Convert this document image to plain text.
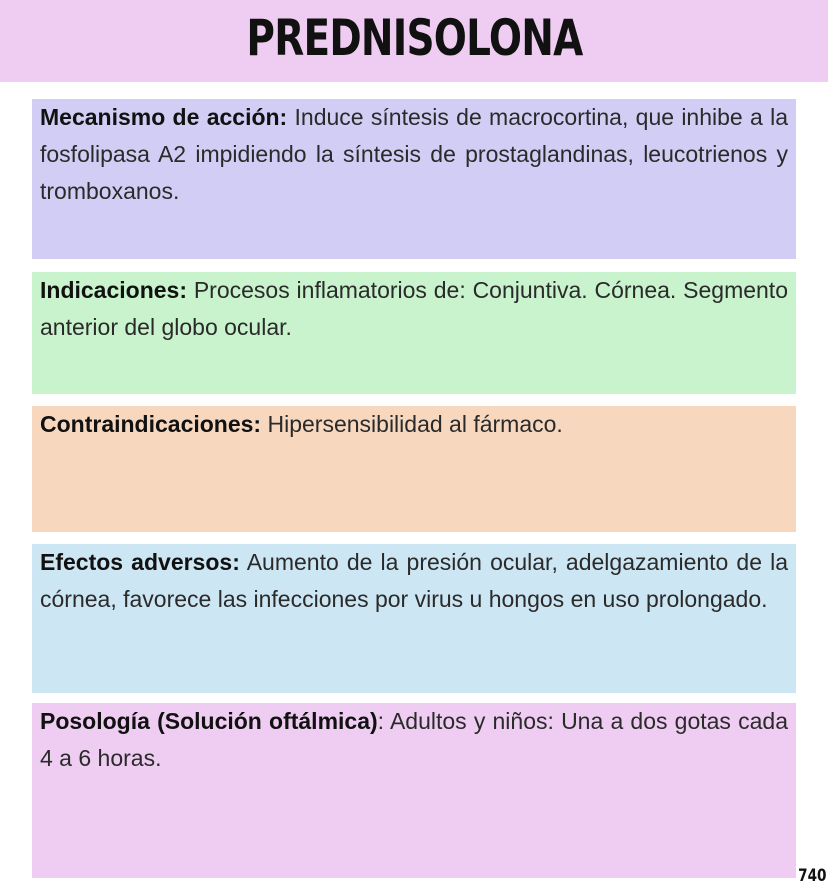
PREDNISOLONA
Mecanismo de acción: Induce síntesis de macrocortina, que inhibe a la fosfolipasa A2 impidiendo la síntesis de prostaglandinas, leucotrienos y tromboxanos.
Indicaciones: Procesos inflamatorios de: Conjuntiva. Córnea. Segmento anterior del globo ocular.
Contraindicaciones: Hipersensibilidad al fármaco.
Efectos adversos: Aumento de la presión ocular, adelgazamiento de la córnea, favorece las infecciones por virus u hongos en uso prolongado.
Posología (Solución oftálmica): Adultos y niños: Una a dos gotas cada 4 a 6 horas.
740
